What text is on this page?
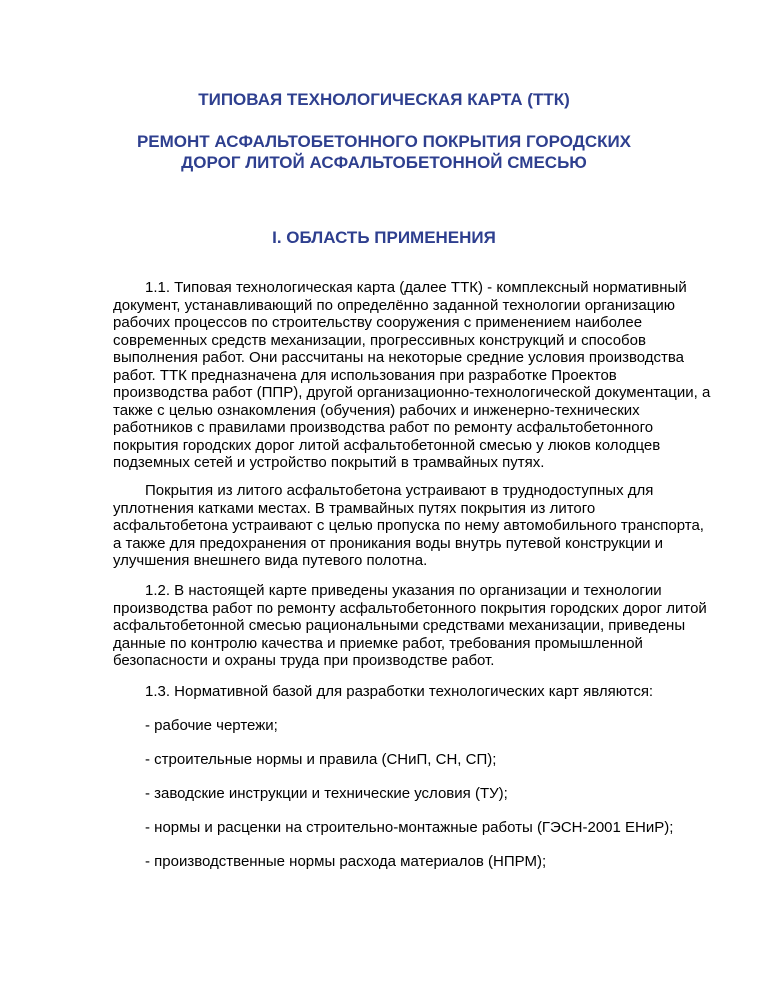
ТИПОВАЯ ТЕХНОЛОГИЧЕСКАЯ КАРТА (ТТК)
РЕМОНТ АСФАЛЬТОБЕТОННОГО ПОКРЫТИЯ ГОРОДСКИХ
ДОРОГ ЛИТОЙ АСФАЛЬТОБЕТОННОЙ СМЕСЬЮ
I. ОБЛАСТЬ ПРИМЕНЕНИЯ

1.1. Типовая технологическая карта (далее ТТК) - комплексный нормативный документ, устанавливающий по определённо заданной технологии организацию рабочих процессов по строительству сооружения с применением наиболее современных средств механизации, прогрессивных конструкций и способов выполнения работ. Они рассчитаны на некоторые средние условия производства работ. ТТК предназначена для использования при разработке Проектов производства работ (ППР), другой организационно-технологической документации, а также с целью ознакомления (обучения) рабочих и инженерно-технических работников с правилами производства работ по ремонту асфальтобетонного покрытия городских дорог литой асфальтобетонной смесью у люков колодцев подземных сетей и устройство покрытий в трамвайных путях.

Покрытия из литого асфальтобетона устраивают в труднодоступных для уплотнения катками местах. В трамвайных путях покрытия из литого асфальтобетона устраивают с целью пропуска по нему автомобильного транспорта, а также для предохранения от проникания воды внутрь путевой конструкции и улучшения внешнего вида путевого полотна.

1.2. В настоящей карте приведены указания по организации и технологии производства работ по ремонту асфальтобетонного покрытия городских дорог литой асфальтобетонной смесью рациональными средствами механизации, приведены данные по контролю качества и приемке работ, требования промышленной безопасности и охраны труда при производстве работ.

1.3. Нормативной базой для разработки технологических карт являются:

- рабочие чертежи;

- строительные нормы и правила (СНиП, СН, СП);

- заводские инструкции и технические условия (ТУ);

- нормы и расценки на строительно-монтажные работы (ГЭСН-2001 ЕНиР);

- производственные нормы расхода материалов (НПРМ);
